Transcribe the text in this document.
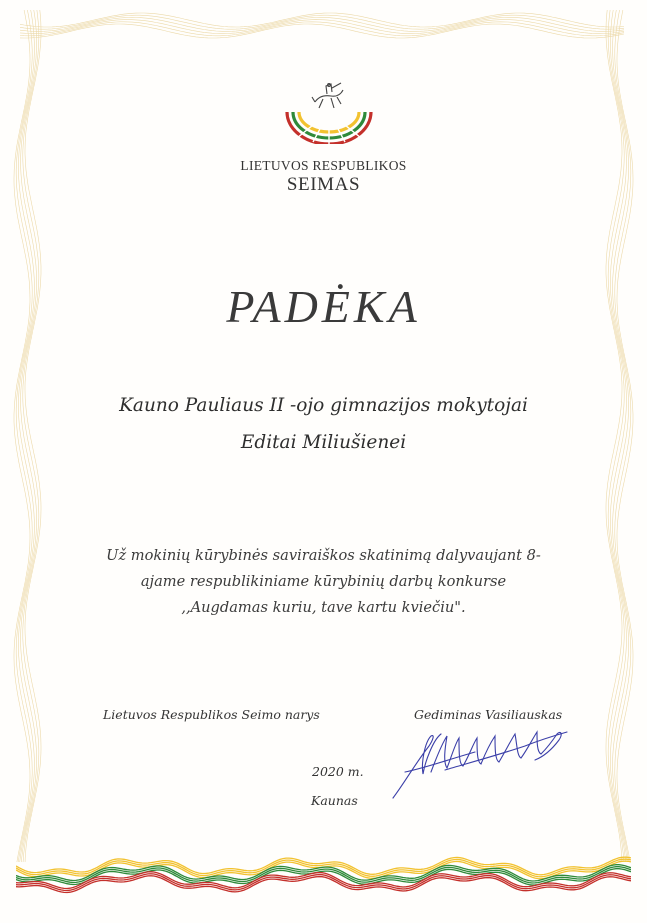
LIETUVOS RESPUBLIKOS
SEIMAS
PADĖKA
Kauno Pauliaus II -ojo gimnazijos mokytojai
Editai Miliušienei
Už mokinių kūrybinės saviraiškos skatinimą dalyvaujant 8-
ajame respublikiniame kūrybinių darbų konkurse
,,Augdamas kuriu, tave kartu kviečiu".
Lietuvos Respublikos Seimo narys	Gediminas Vasiliauskas
2020 m.
Kaunas
